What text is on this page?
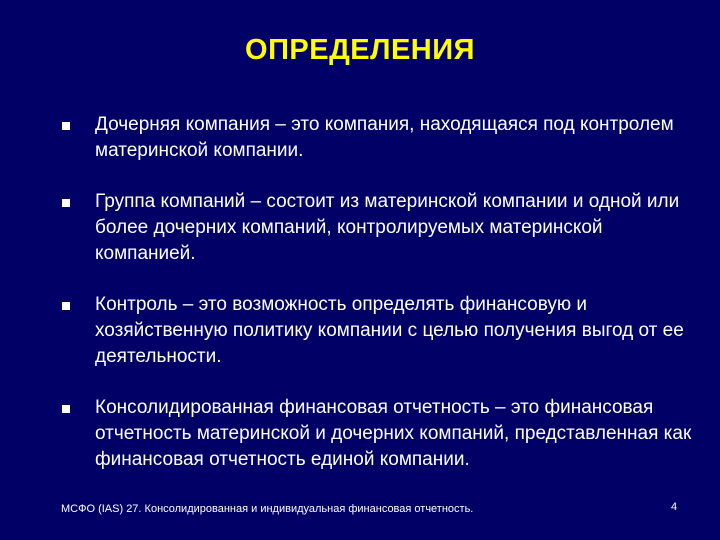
ОПРЕДЕЛЕНИЯ
Дочерняя компания – это компания, находящаяся под контролем материнской компании.
Группа компаний – состоит из материнской компании и одной или более дочерних компаний, контролируемых материнской компанией.
Контроль – это возможность определять финансовую и хозяйственную политику компании с целью получения выгод от ее деятельности.
Консолидированная финансовая отчетность – это финансовая отчетность материнской и дочерних компаний, представленная как финансовая отчетность единой компании.
МСФО (IAS) 27. Консолидированная и индивидуальная финансовая отчетность.	4
